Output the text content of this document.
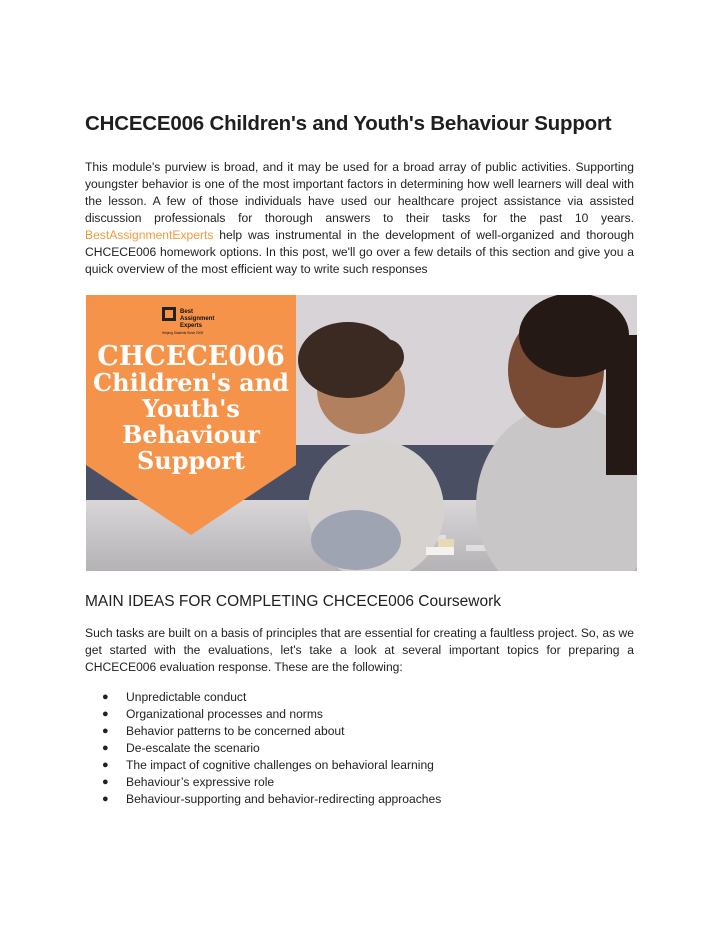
CHCECE006 Children's and Youth's Behaviour Support

This module's purview is broad, and it may be used for a broad array of public activities. Supporting youngster behavior is one of the most important factors in determining how well learners will deal with the lesson. A few of those individuals have used our healthcare project assistance via assisted discussion professionals for thorough answers to their tasks for the past 10 years. BestAssignmentExperts help was instrumental in the development of well-organized and thorough CHCECE006 homework options. In this post, we'll go over a few details of this section and give you a quick overview of the most efficient way to write such responses

Best
Assignment
Experts
Helping Students Since 2009
CHCECE006
Children's and
Youth's
Behaviour
Support
MAIN IDEAS FOR COMPLETING CHCECE006 Coursework

Such tasks are built on a basis of principles that are essential for creating a faultless project. So, as we get started with the evaluations, let's take a look at several important topics for preparing a CHCECE006 evaluation response. These are the following:

● Unpredictable conduct
● Organizational processes and norms
● Behavior patterns to be concerned about
● De-escalate the scenario
● The impact of cognitive challenges on behavioral learning
● Behaviour’s expressive role
● Behaviour-supporting and behavior-redirecting approaches
